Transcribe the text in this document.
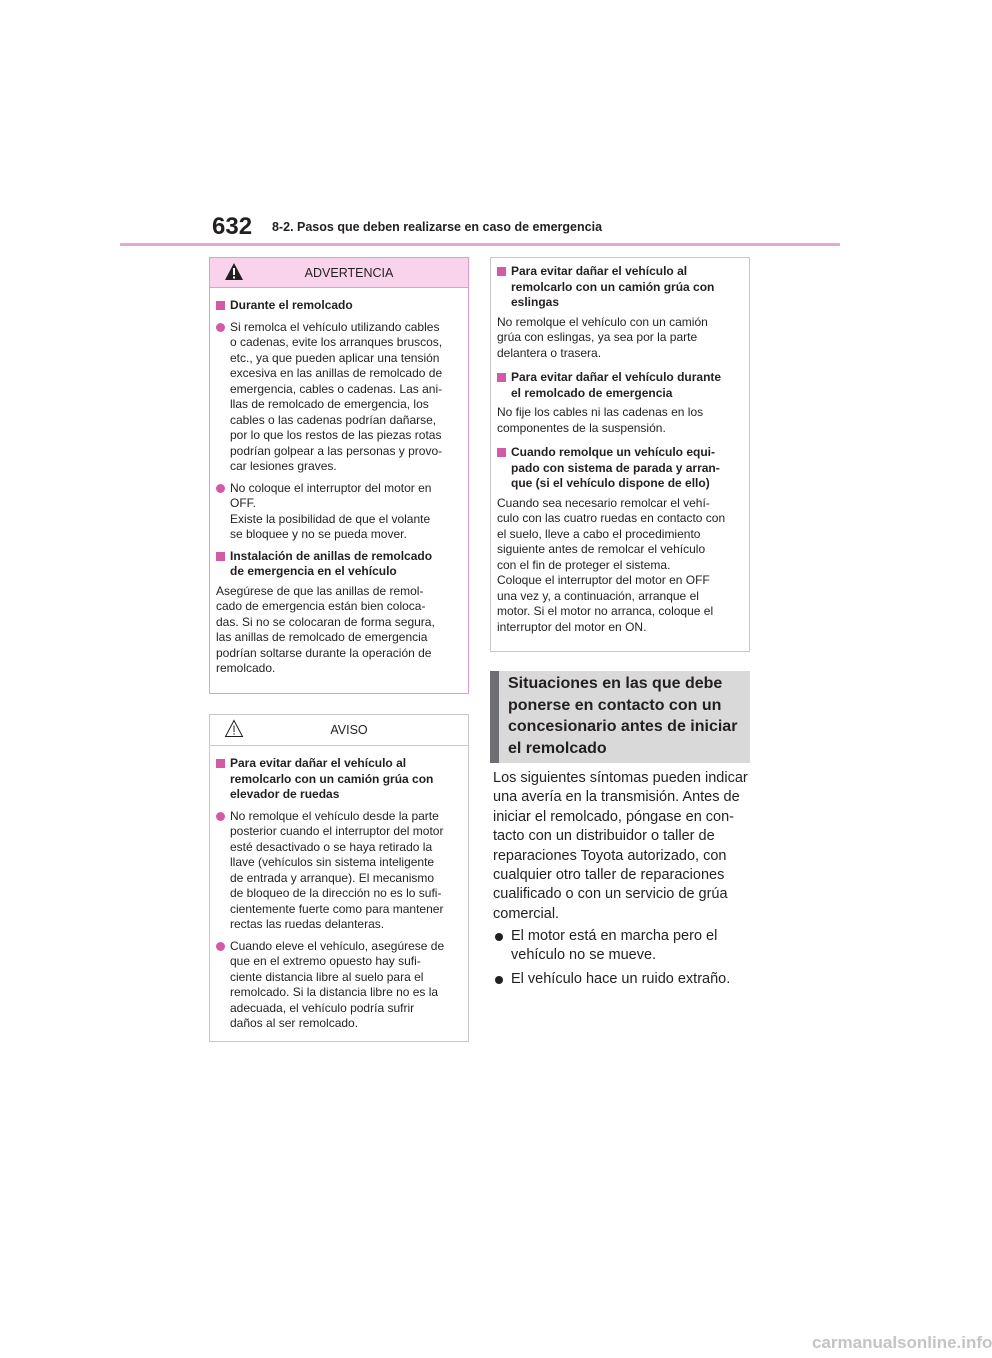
632 8-2. Pasos que deben realizarse en caso de emergencia
ADVERTENCIA
Durante el remolcado
Si remolca el vehículo utilizando cables
o cadenas, evite los arranques bruscos,
etc., ya que pueden aplicar una tensión
excesiva en las anillas de remolcado de
emergencia, cables o cadenas. Las ani-
llas de remolcado de emergencia, los
cables o las cadenas podrían dañarse,
por lo que los restos de las piezas rotas
podrían golpear a las personas y provo-
car lesiones graves.
No coloque el interruptor del motor en
OFF.
Existe la posibilidad de que el volante
se bloquee y no se pueda mover.
Instalación de anillas de remolcado
de emergencia en el vehículo
Asegúrese de que las anillas de remol-
cado de emergencia están bien coloca-
das. Si no se colocaran de forma segura,
las anillas de remolcado de emergencia
podrían soltarse durante la operación de
remolcado.
AVISO
Para evitar dañar el vehículo al
remolcarlo con un camión grúa con
elevador de ruedas
No remolque el vehículo desde la parte
posterior cuando el interruptor del motor
esté desactivado o se haya retirado la
llave (vehículos sin sistema inteligente
de entrada y arranque). El mecanismo
de bloqueo de la dirección no es lo sufi-
cientemente fuerte como para mantener
rectas las ruedas delanteras.
Cuando eleve el vehículo, asegúrese de
que en el extremo opuesto hay sufi-
ciente distancia libre al suelo para el
remolcado. Si la distancia libre no es la
adecuada, el vehículo podría sufrir
daños al ser remolcado.
Para evitar dañar el vehículo al
remolcarlo con un camión grúa con
eslingas
No remolque el vehículo con un camión
grúa con eslingas, ya sea por la parte
delantera o trasera.
Para evitar dañar el vehículo durante
el remolcado de emergencia
No fije los cables ni las cadenas en los
componentes de la suspensión.
Cuando remolque un vehículo equi-
pado con sistema de parada y arran-
que (si el vehículo dispone de ello)
Cuando sea necesario remolcar el vehí-
culo con las cuatro ruedas en contacto con
el suelo, lleve a cabo el procedimiento
siguiente antes de remolcar el vehículo
con el fin de proteger el sistema.
Coloque el interruptor del motor en OFF
una vez y, a continuación, arranque el
motor. Si el motor no arranca, coloque el
interruptor del motor en ON.
Situaciones en las que debe
ponerse en contacto con un
concesionario antes de iniciar
el remolcado
Los siguientes síntomas pueden indicar
una avería en la transmisión. Antes de
iniciar el remolcado, póngase en con-
tacto con un distribuidor o taller de
reparaciones Toyota autorizado, con
cualquier otro taller de reparaciones
cualificado o con un servicio de grúa
comercial.
El motor está en marcha pero el
vehículo no se mueve.
El vehículo hace un ruido extraño.
carmanualsonline.info
